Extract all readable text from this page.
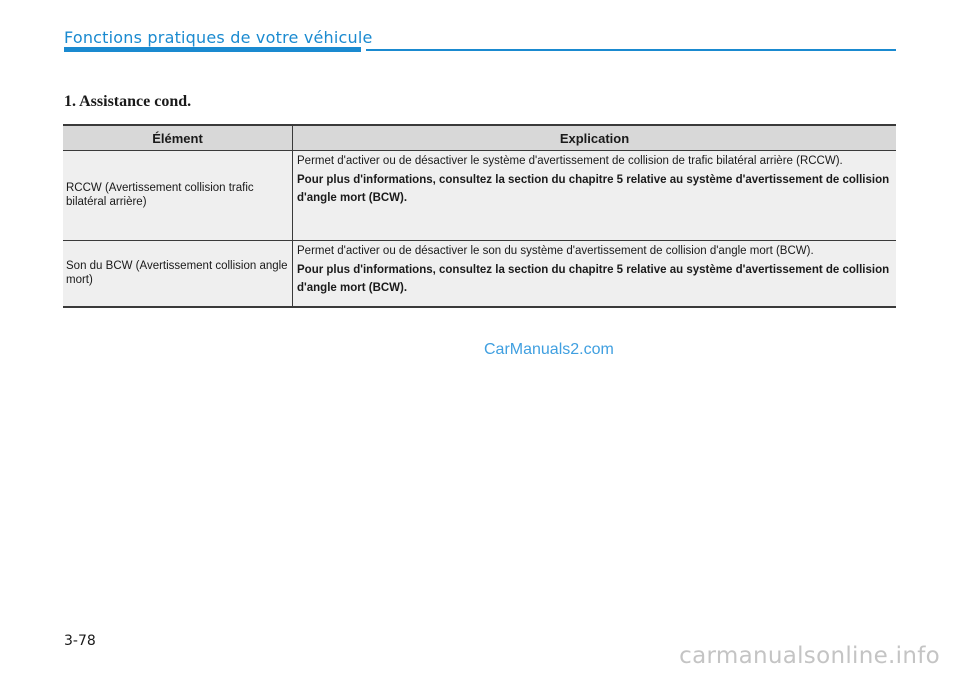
Fonctions pratiques de votre véhicule
1. Assistance cond.
Élément	Explication
RCCW (Avertissement collision trafic bilatéral arrière)	Permet d'activer ou de désactiver le système d'avertissement de collision de trafic bilatéral arrière (RCCW).

Pour plus d'informations, consultez la section du chapitre 5 relative au système d'avertissement de collision d'angle mort (BCW).

Son du BCW (Avertissement collision angle mort)	Permet d'activer ou de désactiver le son du système d'avertissement de collision d'angle mort (BCW).

Pour plus d'informations, consultez la section du chapitre 5 relative au système d'avertissement de collision d'angle mort (BCW).

CarManuals2.com
3-78
carmanualsonline.info
